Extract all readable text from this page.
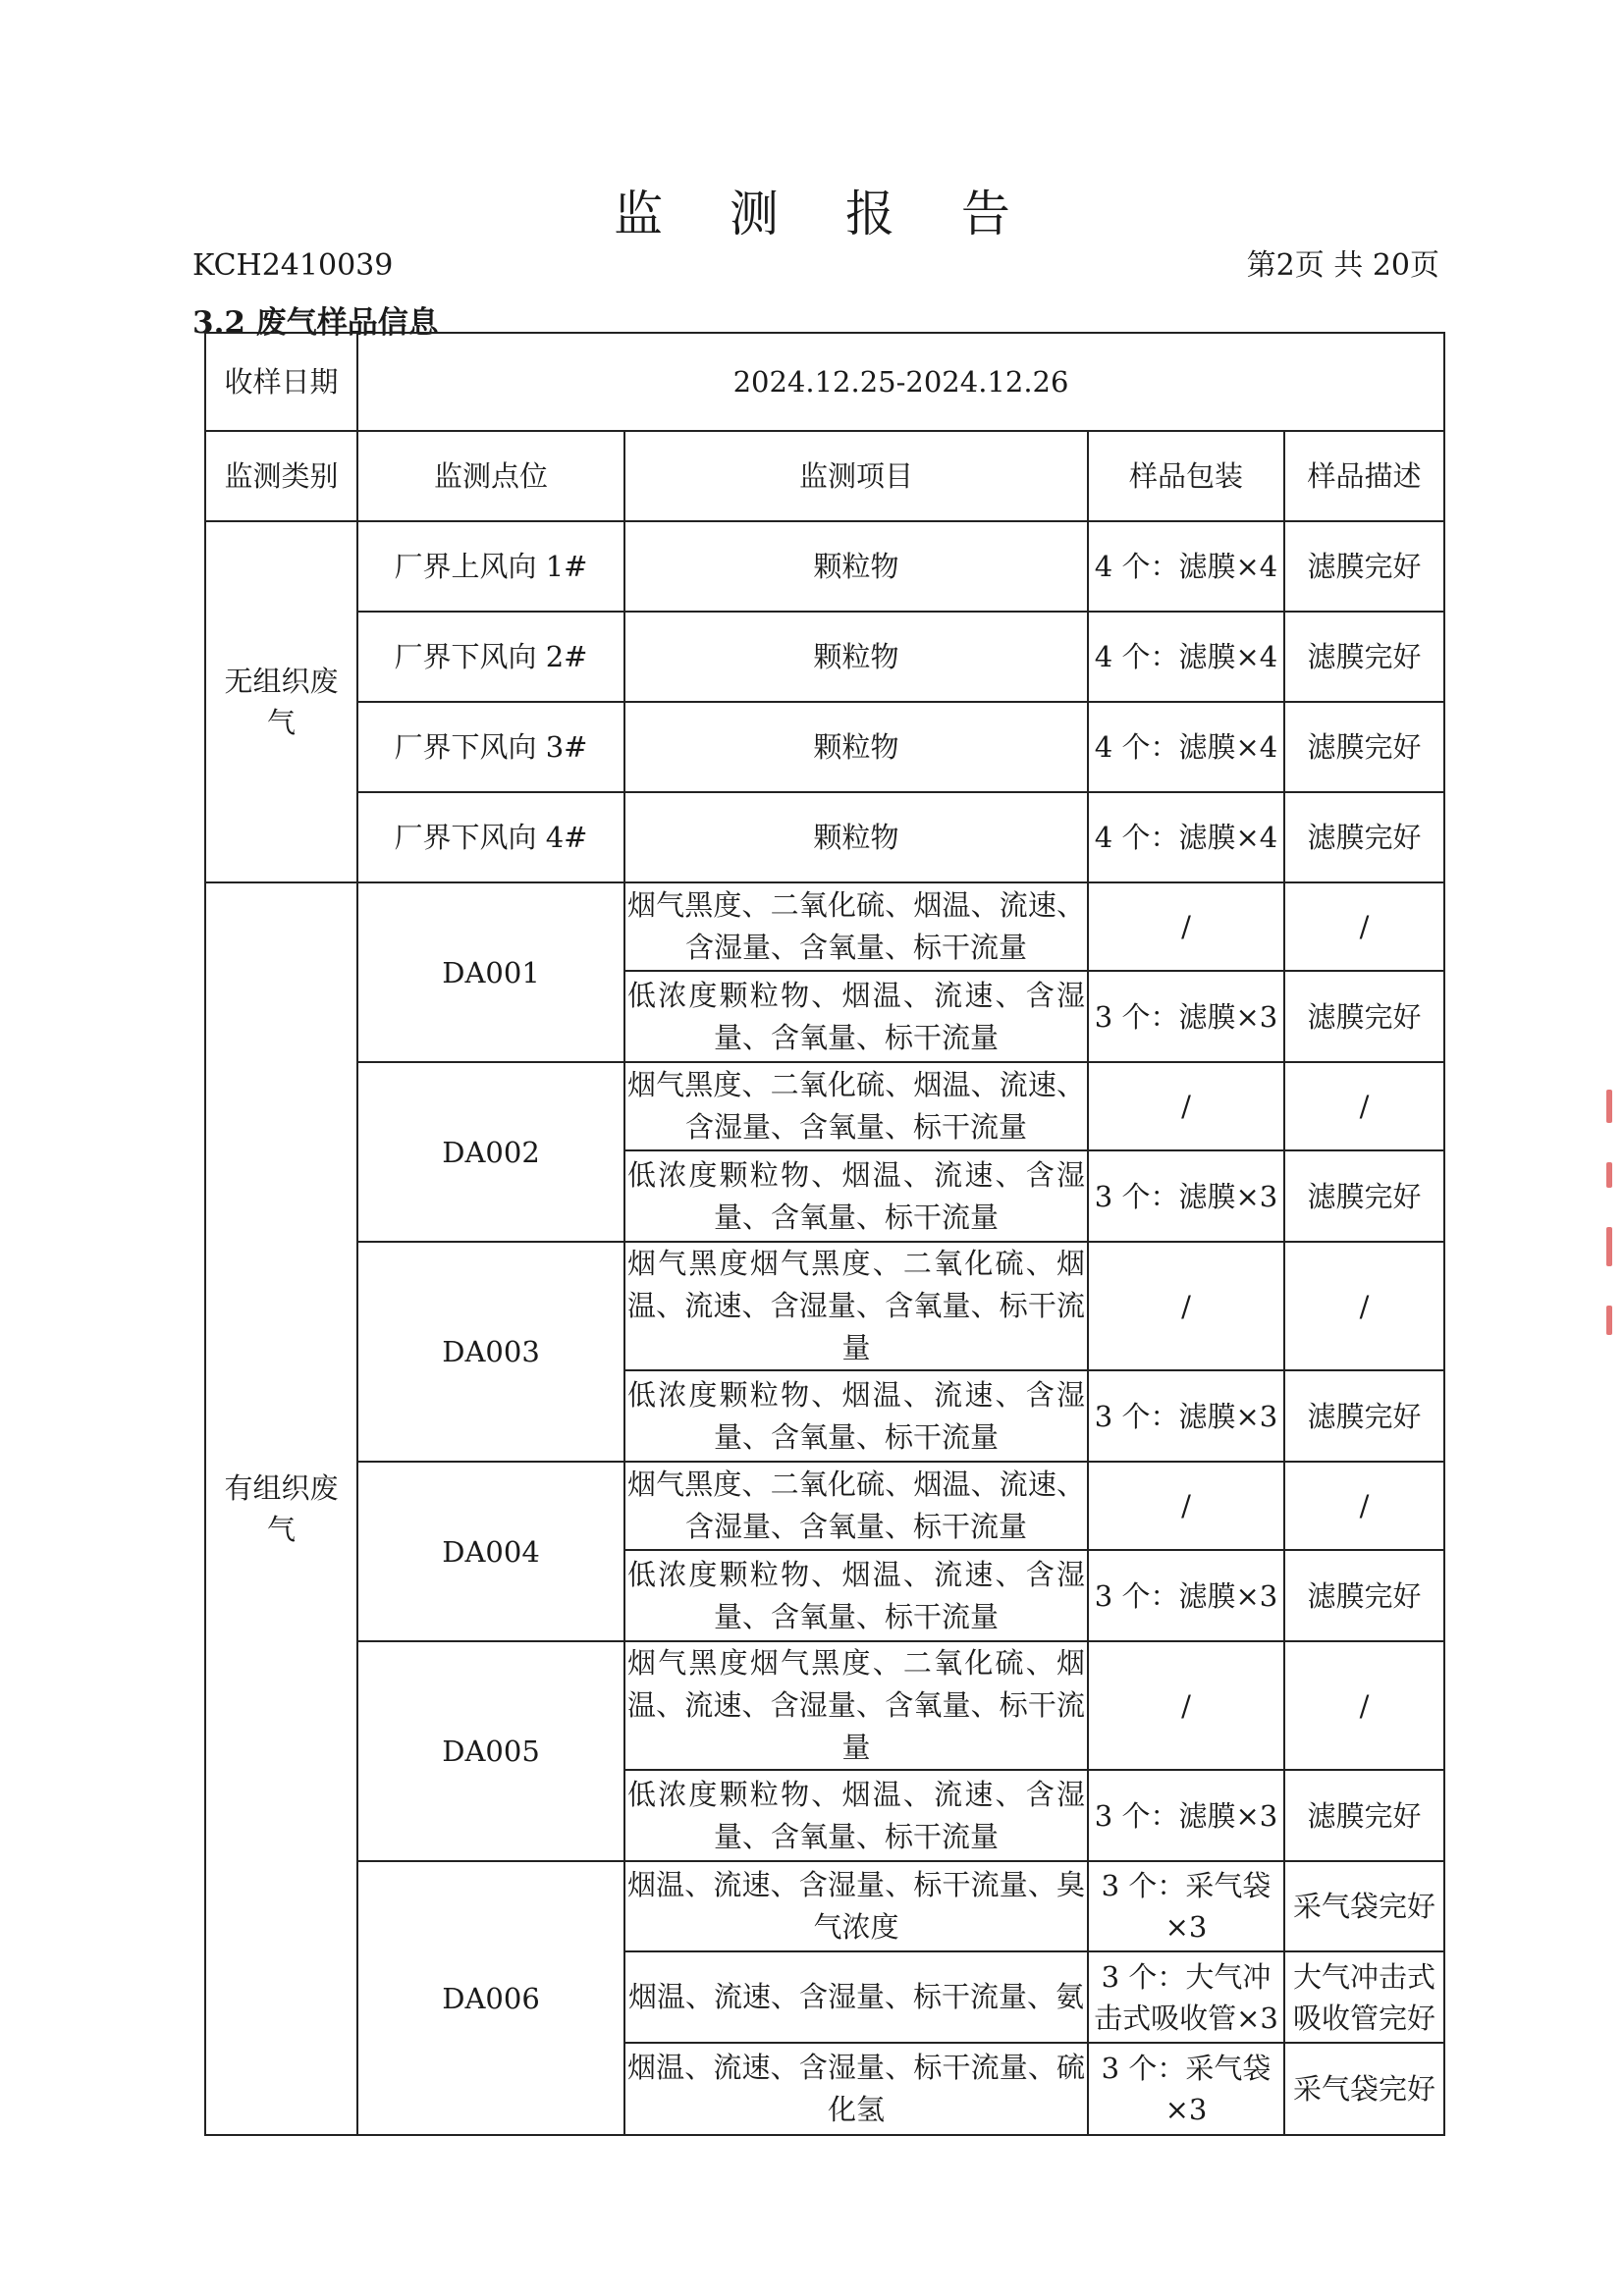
监 测 报 告
KCH2410039	第2页 共 20页
3.2 废气样品信息
收样日期	2024.12.25-2024.12.26			
监测类别	监测点位	监测项目	样品包装	样品描述
无组织废气	厂界上风向 1#	颗粒物	4 个：滤膜×4	滤膜完好
	厂界下风向 2#	颗粒物	4 个：滤膜×4	滤膜完好
	厂界下风向 3#	颗粒物	4 个：滤膜×4	滤膜完好
	厂界下风向 4#	颗粒物	4 个：滤膜×4	滤膜完好
有组织废气	DA001	烟气黑度、二氧化硫、烟温、流速、含湿量、含氧量、标干流量	/	/
		低浓度颗粒物、烟温、流速、含湿量、含氧量、标干流量	3 个：滤膜×3	滤膜完好
	DA002	烟气黑度、二氧化硫、烟温、流速、含湿量、含氧量、标干流量	/	/
		低浓度颗粒物、烟温、流速、含湿量、含氧量、标干流量	3 个：滤膜×3	滤膜完好
	DA003	烟气黑度烟气黑度、二氧化硫、烟温、流速、含湿量、含氧量、标干流量	/	/
		低浓度颗粒物、烟温、流速、含湿量、含氧量、标干流量	3 个：滤膜×3	滤膜完好
	DA004	烟气黑度、二氧化硫、烟温、流速、含湿量、含氧量、标干流量	/	/
		低浓度颗粒物、烟温、流速、含湿量、含氧量、标干流量	3 个：滤膜×3	滤膜完好
	DA005	烟气黑度烟气黑度、二氧化硫、烟温、流速、含湿量、含氧量、标干流量	/	/
		低浓度颗粒物、烟温、流速、含湿量、含氧量、标干流量	3 个：滤膜×3	滤膜完好
	DA006	烟温、流速、含湿量、标干流量、臭气浓度	3 个：采气袋×3	采气袋完好
		烟温、流速、含湿量、标干流量、氨	3 个：大气冲击式吸收管×3	大气冲击式吸收管完好
		烟温、流速、含湿量、标干流量、硫化氢	3 个：采气袋×3	采气袋完好
